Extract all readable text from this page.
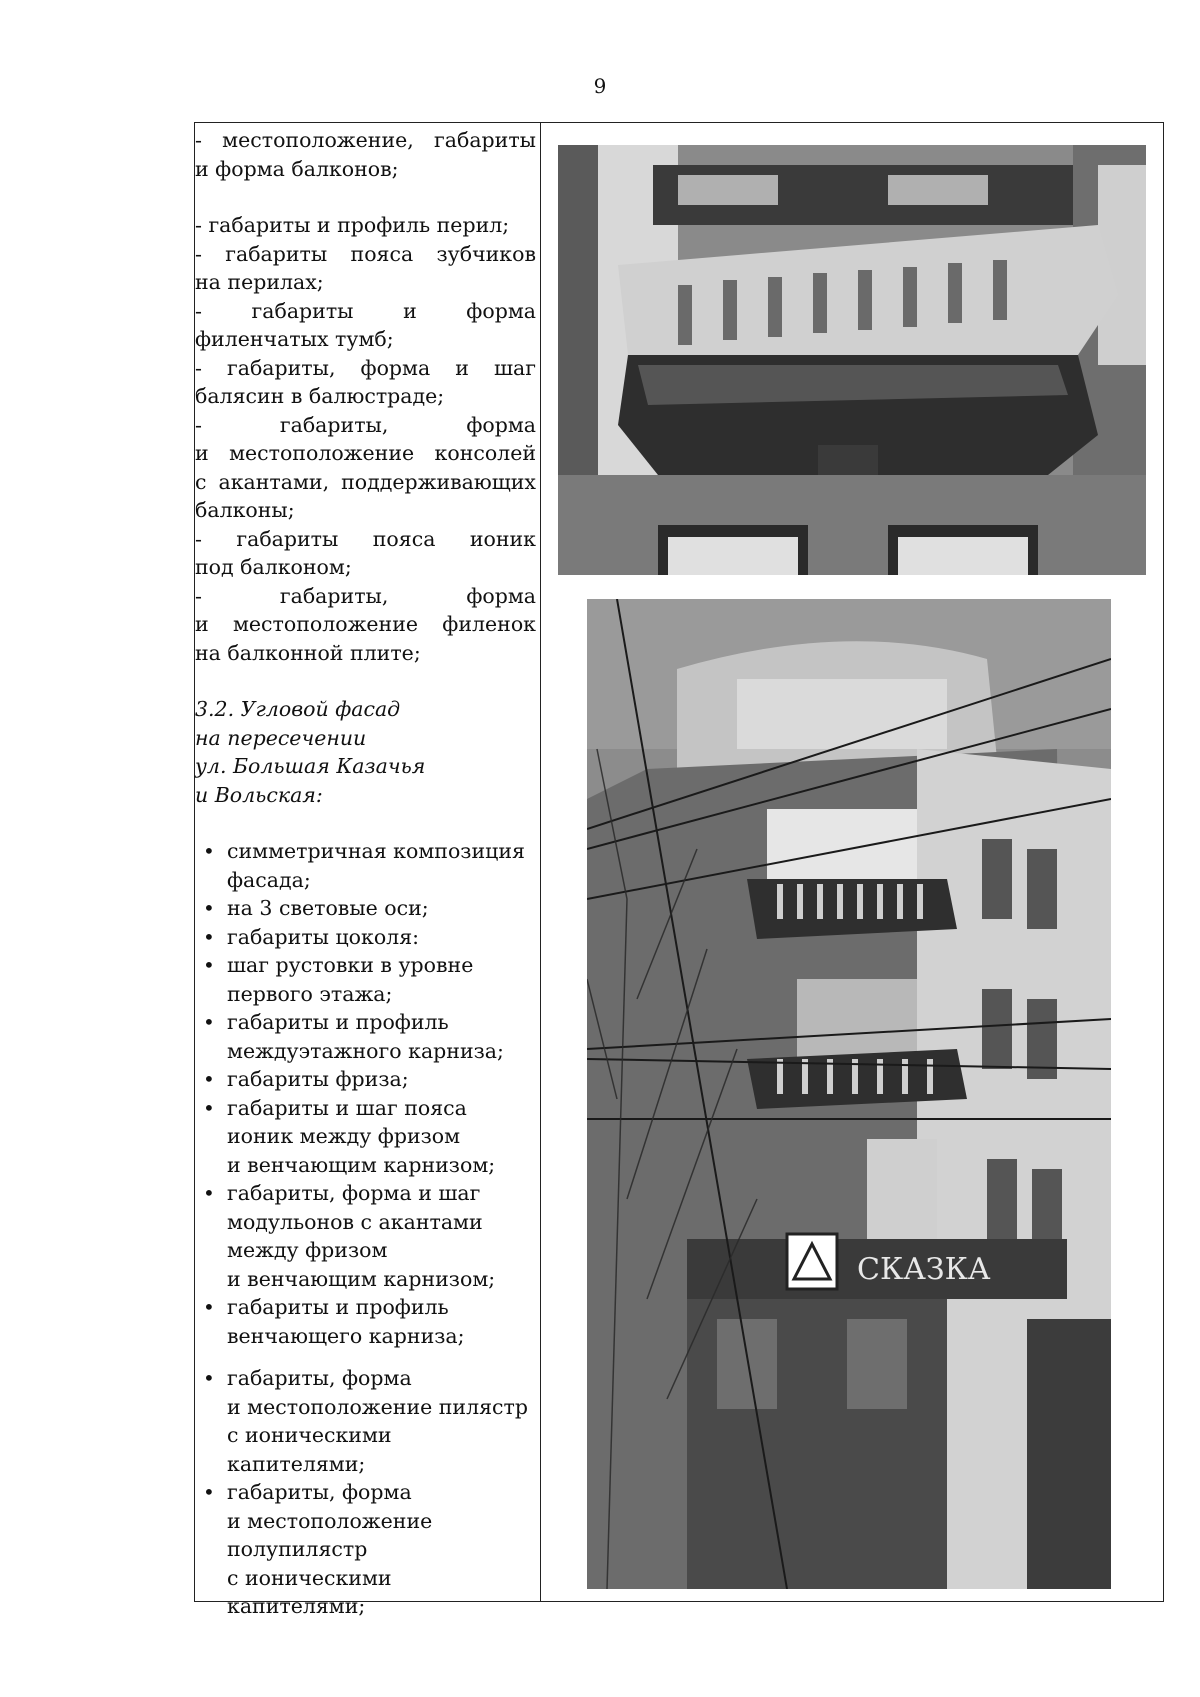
9
- местоположение, габариты
и форма балконов;
- габариты и профиль перил;
- габариты пояса зубчиков
на перилах;
- габариты и форма
филенчатых тумб;
- габариты, форма и шаг
балясин в балюстраде;
- габариты, форма
и местоположение консолей
с акантами, поддерживающих
балконы;
- габариты пояса ионик
под балконом;
- габариты, форма
и местоположение филенок
на балконной плите;
3.2. Угловой фасад
на пересечении
ул. Большая Казачья
и Вольская:
• симметричная композиция
фасада;
• на 3 световые оси;
• габариты цоколя:
• шаг рустовки в уровне
первого этажа;
• габариты и профиль
междуэтажного карниза;
• габариты фриза;
• габариты и шаг пояса
ионик между фризом
и венчающим карнизом;
• габариты, форма и шаг
модульонов с акантами
между фризом
и венчающим карнизом;
• габариты и профиль
венчающего карниза;
• габариты, форма
и местоположение пилястр
с ионическими капителями;
• габариты, форма
и местоположение
полупилястр
с ионическими капителями;
СКАЗКА
